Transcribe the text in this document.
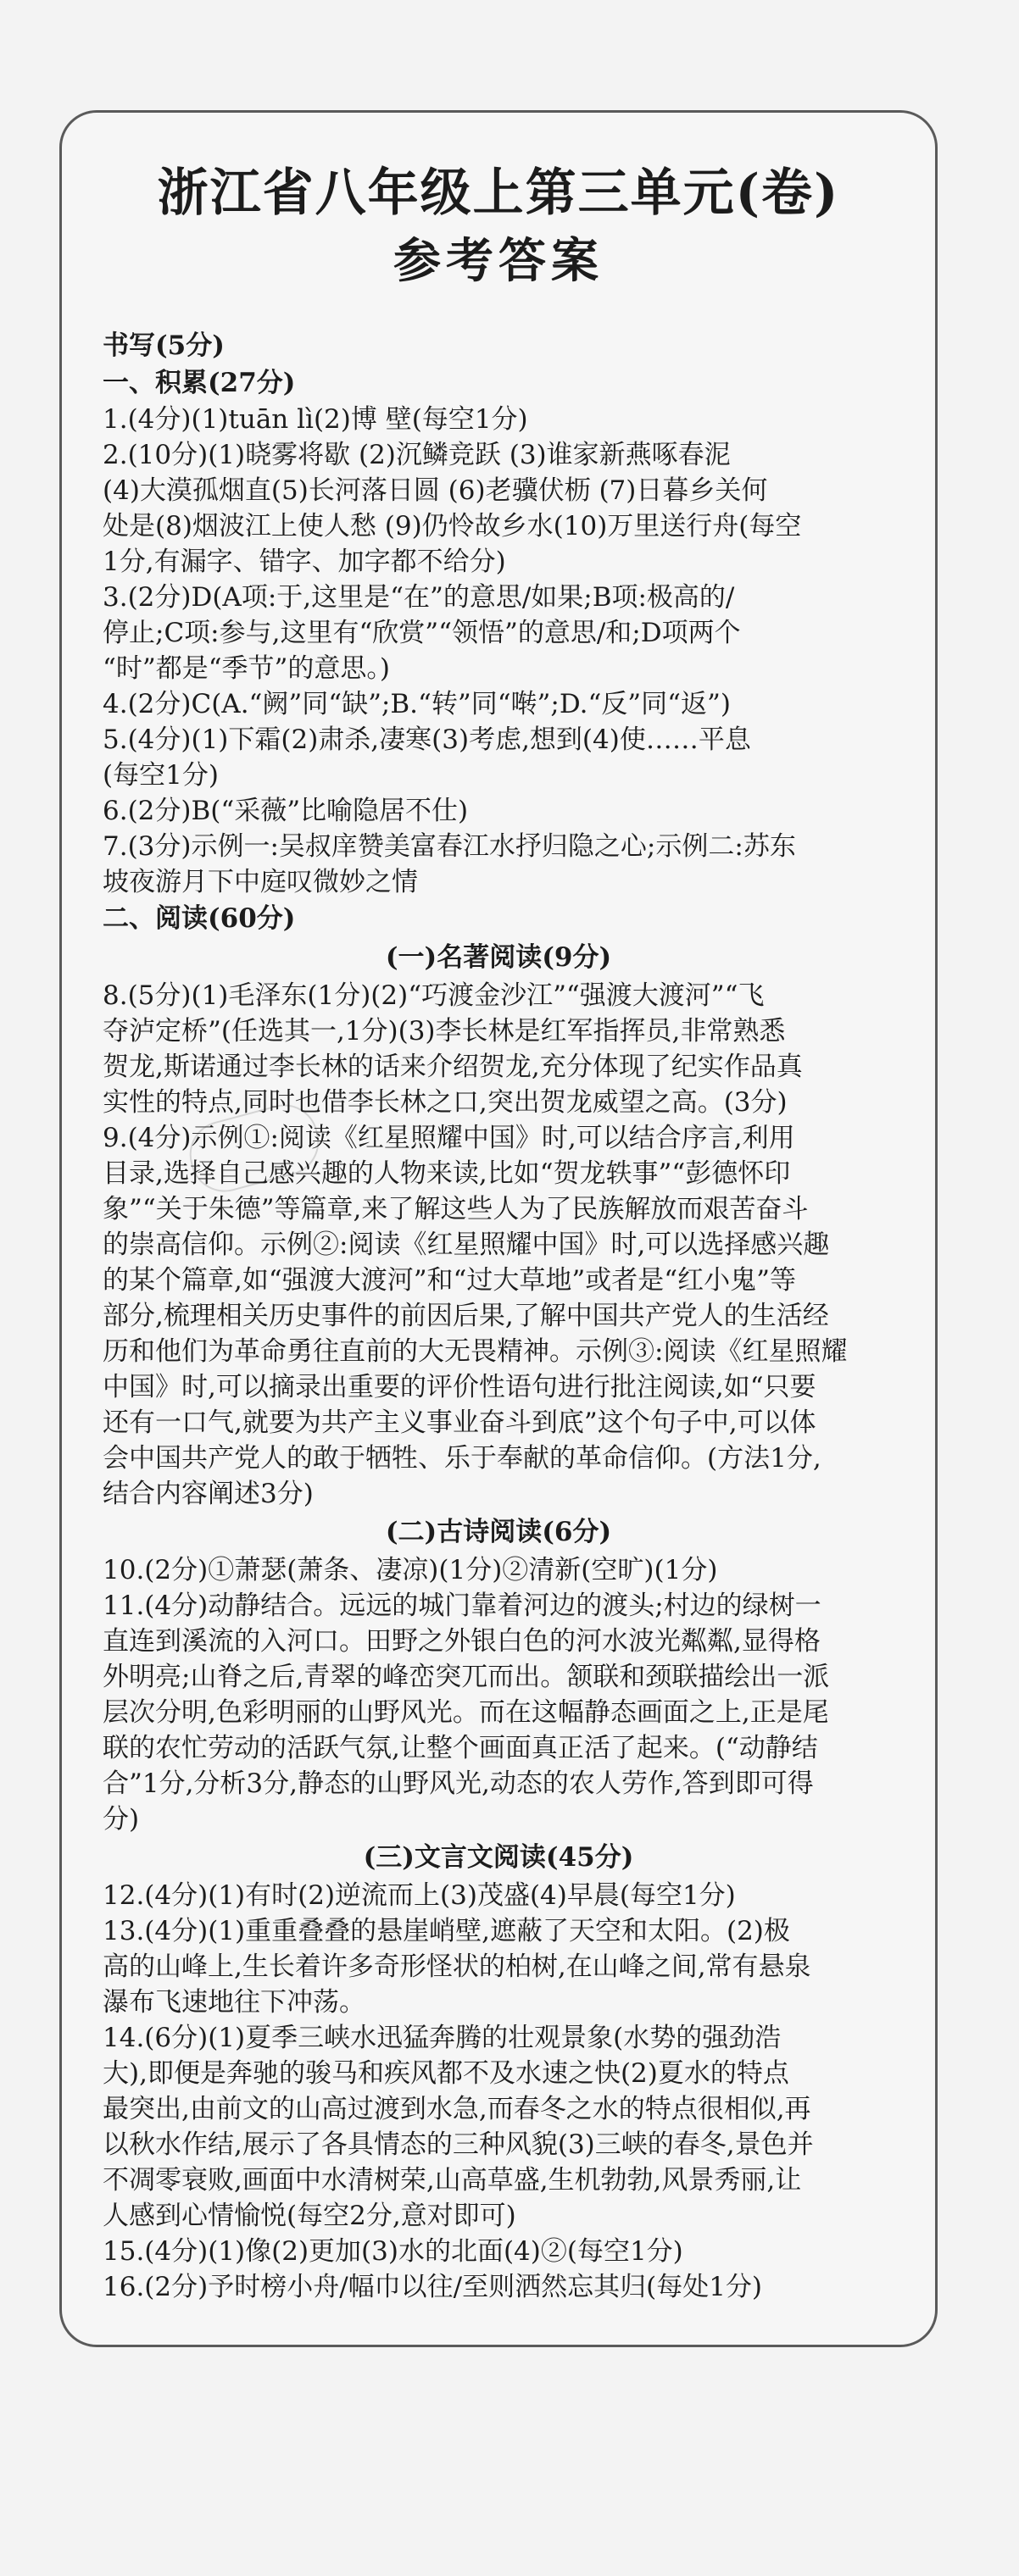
浙江省八年级上第三单元(卷)
参考答案

书写(5分)

一、积累(27分)

1.(4分)(1)tuān lì(2)博 壁(每空1分)

2.(10分)(1)晓雾将歇 (2)沉鳞竞跃 (3)谁家新燕啄春泥

(4)大漠孤烟直(5)长河落日圆 (6)老骥伏枥 (7)日暮乡关何

处是(8)烟波江上使人愁 (9)仍怜故乡水(10)万里送行舟(每空

1分,有漏字、错字、加字都不给分)

3.(2分)D(A项:于,这里是“在”的意思/如果;B项:极高的/

停止;C项:参与,这里有“欣赏”“领悟”的意思/和;D项两个

“时”都是“季节”的意思。)

4.(2分)C(A.“阙”同“缺”;B.“转”同“啭”;D.“反”同“返”)

5.(4分)(1)下霜(2)肃杀,凄寒(3)考虑,想到(4)使……平息

(每空1分)

6.(2分)B(“采薇”比喻隐居不仕)

7.(3分)示例一:吴叔庠赞美富春江水抒归隐之心;示例二:苏东

坡夜游月下中庭叹微妙之情

二、阅读(60分)

(一)名著阅读(9分)

8.(5分)(1)毛泽东(1分)(2)“巧渡金沙江”“强渡大渡河”“飞

夺泸定桥”(任选其一,1分)(3)李长林是红军指挥员,非常熟悉

贺龙,斯诺通过李长林的话来介绍贺龙,充分体现了纪实作品真

实性的特点,同时也借李长林之口,突出贺龙威望之高。(3分)

9.(4分)示例①:阅读《红星照耀中国》时,可以结合序言,利用

目录,选择自己感兴趣的人物来读,比如“贺龙轶事”“彭德怀印

象”“关于朱德”等篇章,来了解这些人为了民族解放而艰苦奋斗

的崇高信仰。示例②:阅读《红星照耀中国》时,可以选择感兴趣

的某个篇章,如“强渡大渡河”和“过大草地”或者是“红小鬼”等

部分,梳理相关历史事件的前因后果,了解中国共产党人的生活经

历和他们为革命勇往直前的大无畏精神。示例③:阅读《红星照耀

中国》时,可以摘录出重要的评价性语句进行批注阅读,如“只要

还有一口气,就要为共产主义事业奋斗到底”这个句子中,可以体

会中国共产党人的敢于牺牲、乐于奉献的革命信仰。(方法1分,

结合内容阐述3分)

(二)古诗阅读(6分)

10.(2分)①萧瑟(萧条、凄凉)(1分)②清新(空旷)(1分)

11.(4分)动静结合。远远的城门靠着河边的渡头;村边的绿树一

直连到溪流的入河口。田野之外银白色的河水波光粼粼,显得格

外明亮;山脊之后,青翠的峰峦突兀而出。颔联和颈联描绘出一派

层次分明,色彩明丽的山野风光。而在这幅静态画面之上,正是尾

联的农忙劳动的活跃气氛,让整个画面真正活了起来。(“动静结

合”1分,分析3分,静态的山野风光,动态的农人劳作,答到即可得

分)

(三)文言文阅读(45分)

12.(4分)(1)有时(2)逆流而上(3)茂盛(4)早晨(每空1分)

13.(4分)(1)重重叠叠的悬崖峭壁,遮蔽了天空和太阳。(2)极

高的山峰上,生长着许多奇形怪状的柏树,在山峰之间,常有悬泉

瀑布飞速地往下冲荡。

14.(6分)(1)夏季三峡水迅猛奔腾的壮观景象(水势的强劲浩

大),即便是奔驰的骏马和疾风都不及水速之快(2)夏水的特点

最突出,由前文的山高过渡到水急,而春冬之水的特点很相似,再

以秋水作结,展示了各具情态的三种风貌(3)三峡的春冬,景色并

不凋零衰败,画面中水清树荣,山高草盛,生机勃勃,风景秀丽,让

人感到心情愉悦(每空2分,意对即可)

15.(4分)(1)像(2)更加(3)水的北面(4)②(每空1分)

16.(2分)予时榜小舟/幅巾以往/至则洒然忘其归(每处1分)
